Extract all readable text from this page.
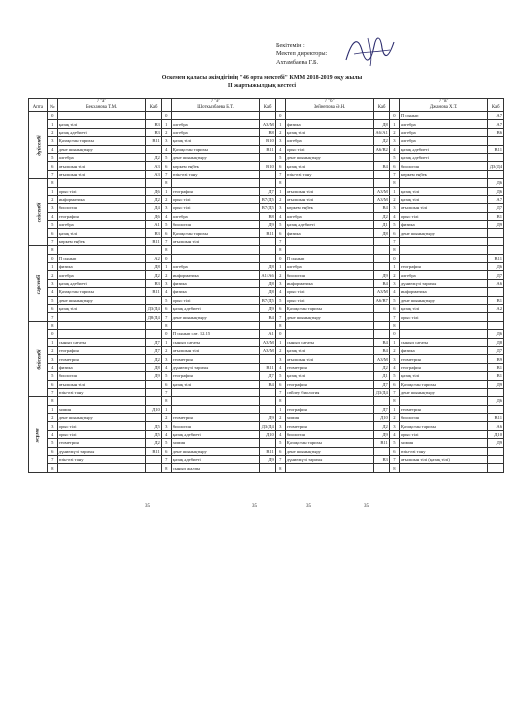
Бекітемін :
Мектеп директоры:
Ахтамбаева Г.Б.
Оскемен қаласы әкімдігінің "46 орта мектебі" КММ 2018-2019 оқу жылы
II жартыжылдық кестесі
Апта	№	7 "а"
Бекханова Т.М.	Каб		7 "ә"
Шоткызбаева Б.Т.	Каб		7 "б"
Зейнепова Ә.Н.	Каб		7 "в"
Джанова Х.Т.	Каб
дүйсенбі	0			0			0			0	П сынып	А7
	1	қазақ тілі	В3	1	алгебра	А3/М	1	физика	Д8	1	алгебра	А7
	2	қазақ әдебиеті	В3	2	алгебра	В8	2	қазақ тілі	А6/А1	2	алгебра	В6
	3	Қазақстан тарихы	В11	3	қазақ тілі	В10	3	алгебра	Д2	3	алгебра	
	4	дене шынықтыру		4	Қазақстан тарихы	В11	4	орыс тілі	А6/В2	4	қазақ әдебиеті	В11
	5	алгебра	Д2	5	дене шынықтыру		5	дене шынықтыру		5	қазақ әдебиеті	
	6	ағылшын тілі	А3	6	көркем еңбек	В10	6	қазақ тілі	В4	6	биология	Д3/Д4
	7	ағылшын тілі	А3	7	өзін-өзі тану		7	өзін-өзі тану		7	көркем еңбек	
сейсенбі	8			8			8			8		Д6
	1	орыс тілі	Д6	1	география	Д7	1	ағылшын тілі	А3/М	1	қазақ тілі	Д6
	2	информатика	Д2	2	орыс тілі	В7/Д5	2	ағылшын тілі	А3/М	2	қазақ тілі	А7
	3	биология	Д4	3	орыс тілі	В7/Д5	3	көркем еңбек	В4	3	ағылшын тілі	Д7
	4	география	Д6	4	алгебра	В8	4	алгебра	Д2	4	орыс тілі	В1
	5	алгебра	А1	5	биология	Д9	5	қазақ әдебиеті	Д1	5	физика	Д9
	6	қазақ тілі	В3	6	Қазақстан тарихы	В11	6	физика	Д8	6	дене шынықтыру	
	7	көркем еңбек	В11	7	ағылшын тілі		7			7		
сәрсенбі	8			8			8			8		
	0	П сынып	А2	0			0	П сынып		0		В11
	1	физика	Д8	1	алгебра	Д8	1	алгебра		1	география	Д6
	2	алгебра	Д2	2	информатика	А1/А6	2	биология	Д9	2	алгебра	Д7
	3	қазақ әдебиеті	В3	3	физика	Д8	3	информатика	В4	3	дүниежүзі тарихы	А6
	4	Қазақстан тарихы	В11	4	физика	Д8	4	орыс тілі	А3/М	4	информатика	
	5	дене шынықтыру		5	орыс тілі	В7/Д5	5	орыс тілі	А6/В7	5	дене шынықтыру	В1
	6	қазақ тілі	Д3/Д4	6	қазақ әдебиеті	Д9	6	Қазақстан тарихы		6	қазақ тілі	А2
	7		Д8/Д4	7	дене шынықтыру	В4	7	дене шынықтыру		7	орыс тілі	
бейсенбі	8			8			8			8		
	0			0	П сынып сағ. 12.15	А1	0			0		Д6
	1	сынып сағаты	Д7	1	сынып сағаты	А3/М	1	сынып сағаты	В4	1	сынып сағаты	Д8
	2	география	Д7	2	ағылшын тілі	А3/М	2	қазақ тілі	В4	2	физика	Д7
	3	геометрия	Д2	3	геометрия		3	ағылшын тілі	А3/М	3	геометрия	В9
	4	физика	Д8	4	дүниежүзі тарихы	В11	4	геометрия	Д2	4	география	В1
	5	биология	Д9	5	география	Д7	5	қазақ тілі	Д1	5	қазақ тілі	В1
	6	ағылшын тілі		6	қазақ тілі	В4	6	география	Д7	6	Қазақстан тарихы	Д9
	7	өзін-өзі тану		7			7	сөйлеу биология	Д3/Д4	7	дене шынықтыру	
жұма	8			8			8			8		Д6
	1	химия	Д10	1			1	география	Д7	1	геометрия	
	2	дене шынықтыру		2	геометрия	Д9	2	химия	Д10	2	биология	В11
	3	орыс тілі	Д5	3	биология	Д3/Д4	3	геометрия	Д2	3	Қазақстан тарихы	А6
	4	орыс тілі	Д5	4	қазақ әдебиеті	Д10	4	биология	Д9	4	орыс тілі	Д10
	5	геометрия	Д2	5	химия		5	Қазақстан тарихы	В11	5	химия	Д9
	6	дүниежүзі тарихы	В11	6	дене шынықтыру	В11	6	дене шынықтыру		6	өзін-өзі тану	
	7	өзін-өзі тану		7	қазақ әдебиеті	Д9	7	дүниежүзі тарихы	В3	7	ағылшын тілі (қазақ тілі)	
	8			8	сынып жалпы		8			8		
35	35	35	35
